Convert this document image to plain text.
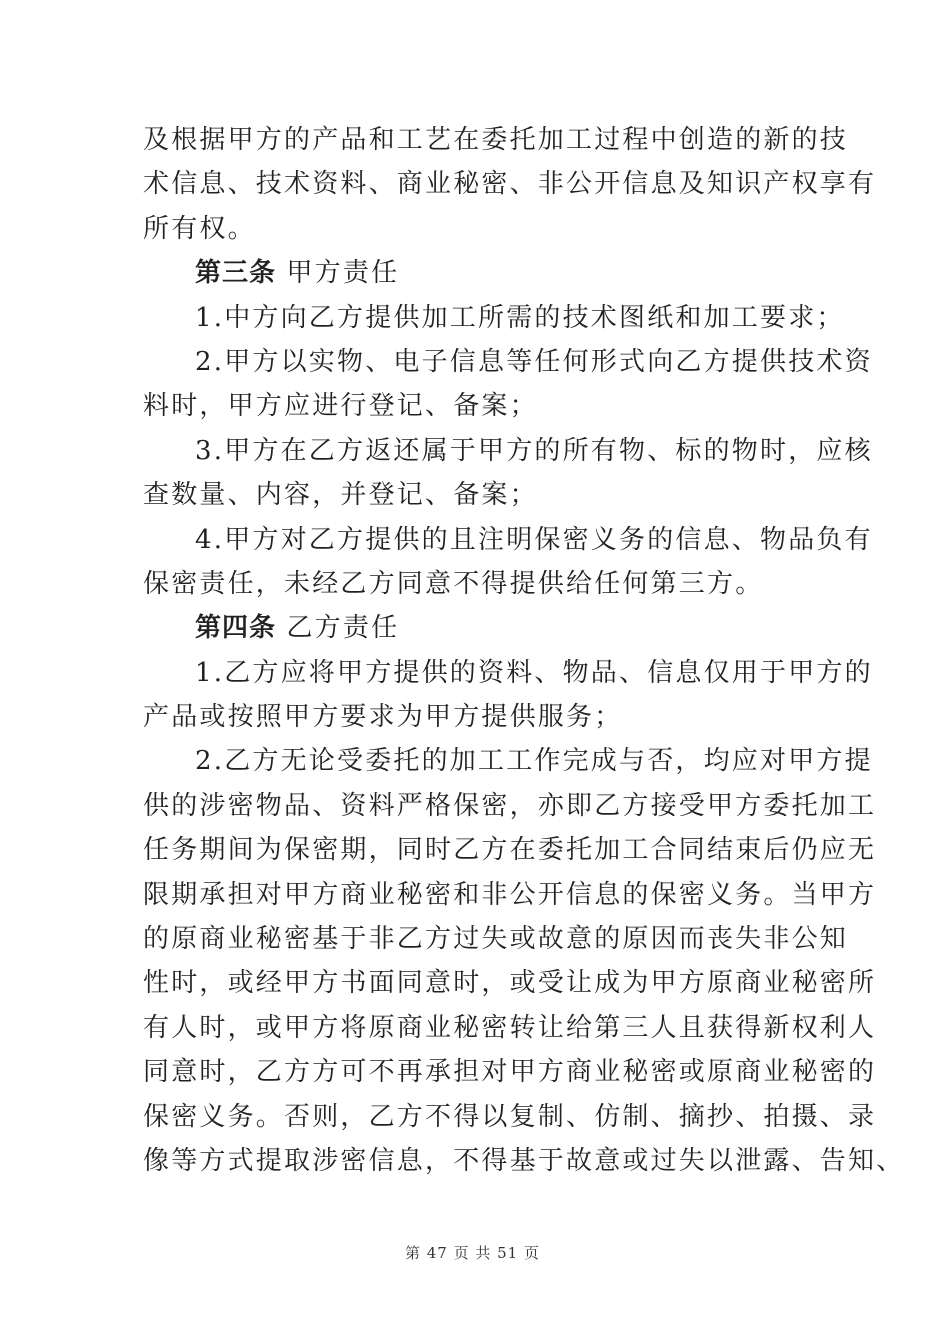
及根据甲方的产品和工艺在委托加工过程中创造的新的技
术信息、技术资料、商业秘密、非公开信息及知识产权享有
所有权。
第三条 甲方责任
1.中方向乙方提供加工所需的技术图纸和加工要求；
2.甲方以实物、电子信息等任何形式向乙方提供技术资
料时，甲方应进行登记、备案；
3.甲方在乙方返还属于甲方的所有物、标的物时，应核
查数量、内容，并登记、备案；
4.甲方对乙方提供的且注明保密义务的信息、物品负有
保密责任，未经乙方同意不得提供给任何第三方。
第四条 乙方责任
1.乙方应将甲方提供的资料、物品、信息仅用于甲方的
产品或按照甲方要求为甲方提供服务；
2.乙方无论受委托的加工工作完成与否，均应对甲方提
供的涉密物品、资料严格保密，亦即乙方接受甲方委托加工
任务期间为保密期，同时乙方在委托加工合同结束后仍应无
限期承担对甲方商业秘密和非公开信息的保密义务。当甲方
的原商业秘密基于非乙方过失或故意的原因而丧失非公知
性时，或经甲方书面同意时，或受让成为甲方原商业秘密所
有人时，或甲方将原商业秘密转让给第三人且获得新权利人
同意时，乙方方可不再承担对甲方商业秘密或原商业秘密的
保密义务。否则，乙方不得以复制、仿制、摘抄、拍摄、录
像等方式提取涉密信息，不得基于故意或过失以泄露、告知、
第 47 页 共 51 页
